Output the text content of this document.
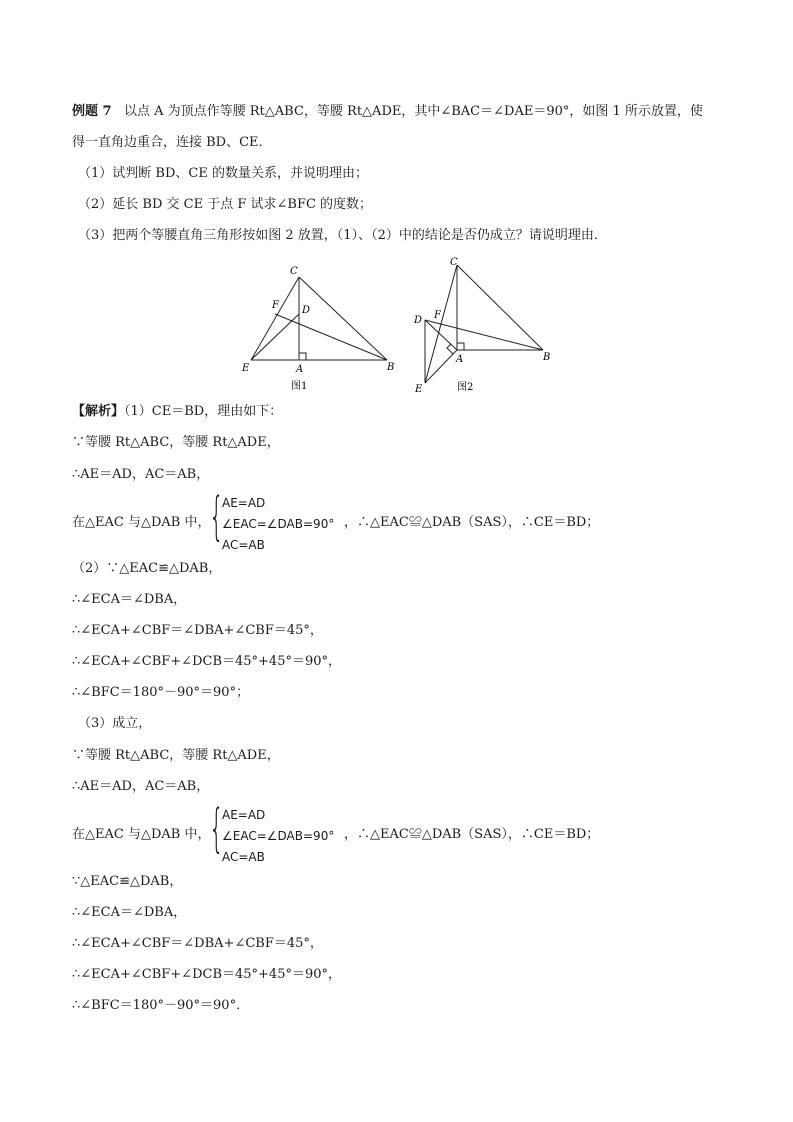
例题 7 以点 A 为顶点作等腰 Rt△ABC，等腰 Rt△ADE，其中∠BAC＝∠DAE＝90°，如图 1 所示放置，使
得一直角边重合，连接 BD、CE．
（1）试判断 BD、CE 的数量关系，并说明理由；
（2）延长 BD 交 CE 于点 F 试求∠BFC 的度数；
（3）把两个等腰直角三角形按如图 2 放置，（1）、（2）中的结论是否仍成立？请说明理由．
C
F D
E	A	B
图1
C
D F
A	B
E	图2
【解析】（1）CE＝BD，理由如下：
∵等腰 Rt△ABC，等腰 Rt△ADE，
∴AE＝AD，AC＝AB，
在△EAC 与△DAB 中，
{
AE=AD
∠EAC=∠DAB=90°
AC=AB
，∴△EAC≌△DAB（SAS），∴CE＝BD；
（2）∵△EAC≌△DAB，
∴∠ECA＝∠DBA，
∴∠ECA+∠CBF＝∠DBA+∠CBF＝45°，
∴∠ECA+∠CBF+∠DCB＝45°+45°＝90°，
∴∠BFC＝180°－90°＝90°；
（3）成立，
∵等腰 Rt△ABC，等腰 Rt△ADE，
∴AE＝AD，AC＝AB，
在△EAC 与△DAB 中，
{
AE=AD
∠EAC=∠DAB=90°
AC=AB
，∴△EAC≌△DAB（SAS），∴CE＝BD；
∵△EAC≌△DAB，
∴∠ECA＝∠DBA，
∴∠ECA+∠CBF＝∠DBA+∠CBF＝45°，
∴∠ECA+∠CBF+∠DCB＝45°+45°＝90°，
∴∠BFC＝180°－90°＝90°．
